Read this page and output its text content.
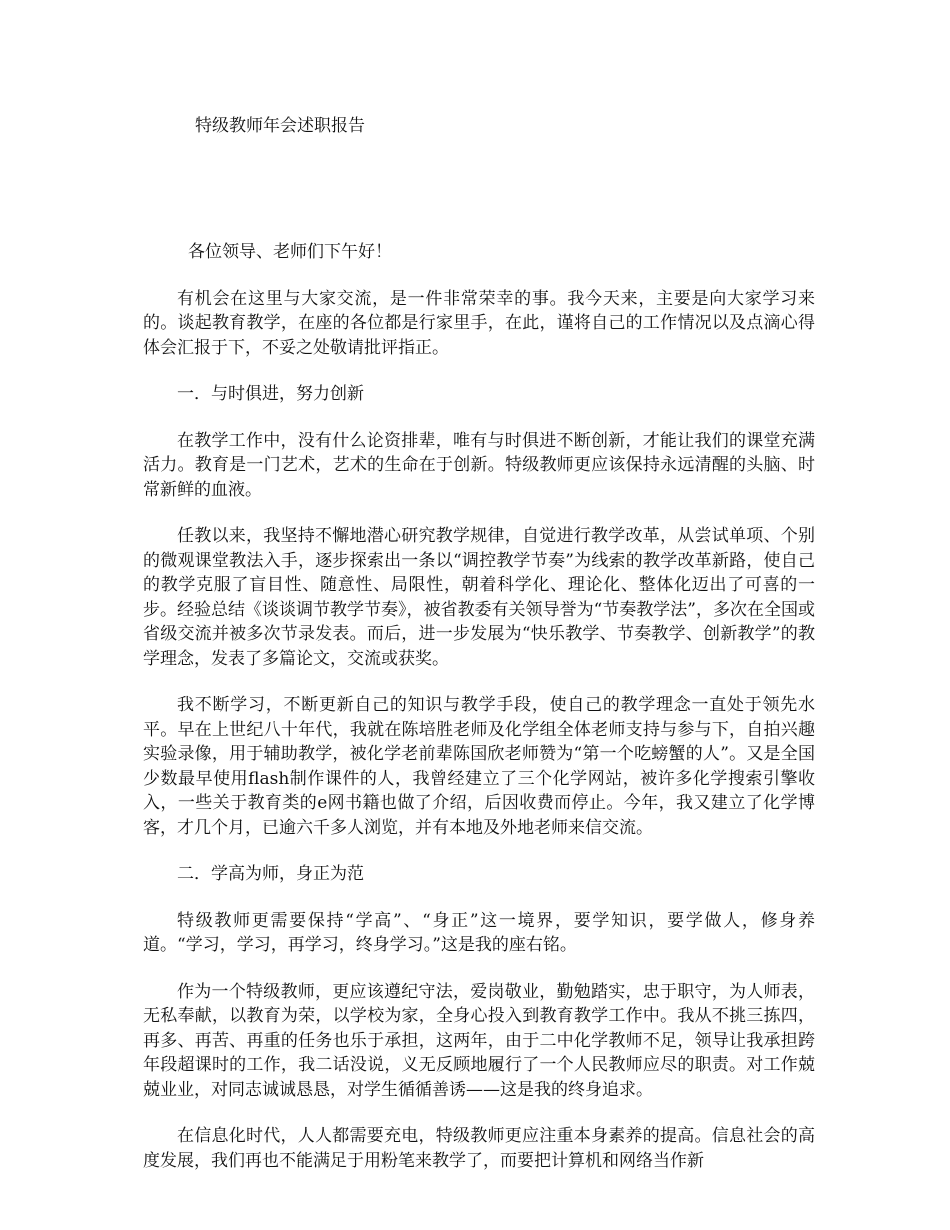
特级教师年会述职报告

各位领导、老师们下午好！

有机会在这里与大家交流，是一件非常荣幸的事。我今天来，主要是向大家学习来的。谈起教育教学，在座的各位都是行家里手，在此，谨将自己的工作情况以及点滴心得体会汇报于下，不妥之处敬请批评指正。

一．与时俱进，努力创新

在教学工作中，没有什么论资排辈，唯有与时俱进不断创新，才能让我们的课堂充满活力。教育是一门艺术，艺术的生命在于创新。特级教师更应该保持永远清醒的头脑、时常新鲜的血液。

任教以来，我坚持不懈地潜心研究教学规律，自觉进行教学改革，从尝试单项、个别的微观课堂教法入手，逐步探索出一条以“调控教学节奏”为线索的教学改革新路，使自己的教学克服了盲目性、随意性、局限性，朝着科学化、理论化、整体化迈出了可喜的一步。经验总结《谈谈调节教学节奏》，被省教委有关领导誉为“节奏教学法”，多次在全国或省级交流并被多次节录发表。而后，进一步发展为“快乐教学、节奏教学、创新教学”的教学理念，发表了多篇论文，交流或获奖。

我不断学习，不断更新自己的知识与教学手段，使自己的教学理念一直处于领先水平。早在上世纪八十年代，我就在陈培胜老师及化学组全体老师支持与参与下，自拍兴趣实验录像，用于辅助教学，被化学老前辈陈国欣老师赞为“第一个吃螃蟹的人”。又是全国少数最早使用flash制作课件的人，我曾经建立了三个化学网站，被许多化学搜索引擎收入，一些关于教育类的e网书籍也做了介绍，后因收费而停止。今年，我又建立了化学博客，才几个月，已逾六千多人浏览，并有本地及外地老师来信交流。

二．学高为师，身正为范

特级教师更需要保持“学高”、“身正”这一境界，要学知识，要学做人，修身养道。“学习，学习，再学习，终身学习。”这是我的座右铭。

作为一个特级教师，更应该遵纪守法，爱岗敬业，勤勉踏实，忠于职守，为人师表，无私奉献，以教育为荣，以学校为家，全身心投入到教育教学工作中。我从不挑三拣四，再多、再苦、再重的任务也乐于承担，这两年，由于二中化学教师不足，领导让我承担跨年段超课时的工作，我二话没说，义无反顾地履行了一个人民教师应尽的职责。对工作兢兢业业，对同志诚诚恳恳，对学生循循善诱——这是我的终身追求。

在信息化时代，人人都需要充电，特级教师更应注重本身素养的提高。信息社会的高度发展，我们再也不能满足于用粉笔来教学了，而要把计算机和网络当作新
